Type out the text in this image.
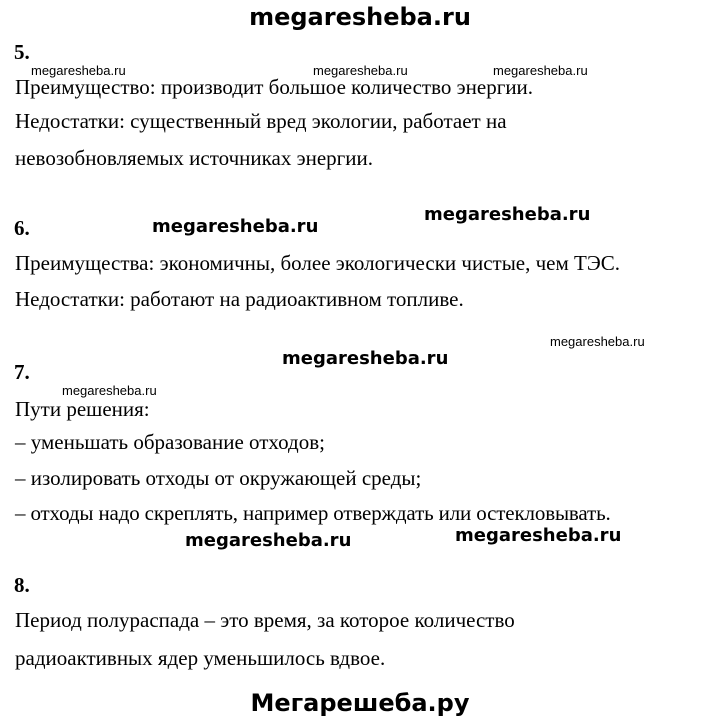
megaresheba.ru
5.
Преимущество: производит большое количество энергии.
Недостатки: существенный вред экологии, работает на
невозобновляемых источниках энергии.
6.
Преимущества: экономичны, более экологически чистые, чем ТЭС.
Недостатки: работают на радиоактивном топливе.
7.
Пути решения:
– уменьшать образование отходов;
– изолировать отходы от окружающей среды;
– отходы надо скреплять, например отверждать или остекловывать.
8.
Период полураспада – это время, за которое количество
радиоактивных ядер уменьшилось вдвое.
megaresheba.ru	megaresheba.ru	megaresheba.ru
megaresheba.ru
megaresheba.ru
megaresheba.ru
megaresheba.ru
megaresheba.ru
megaresheba.ru
megaresheba.ru
Мегарешеба.ру
